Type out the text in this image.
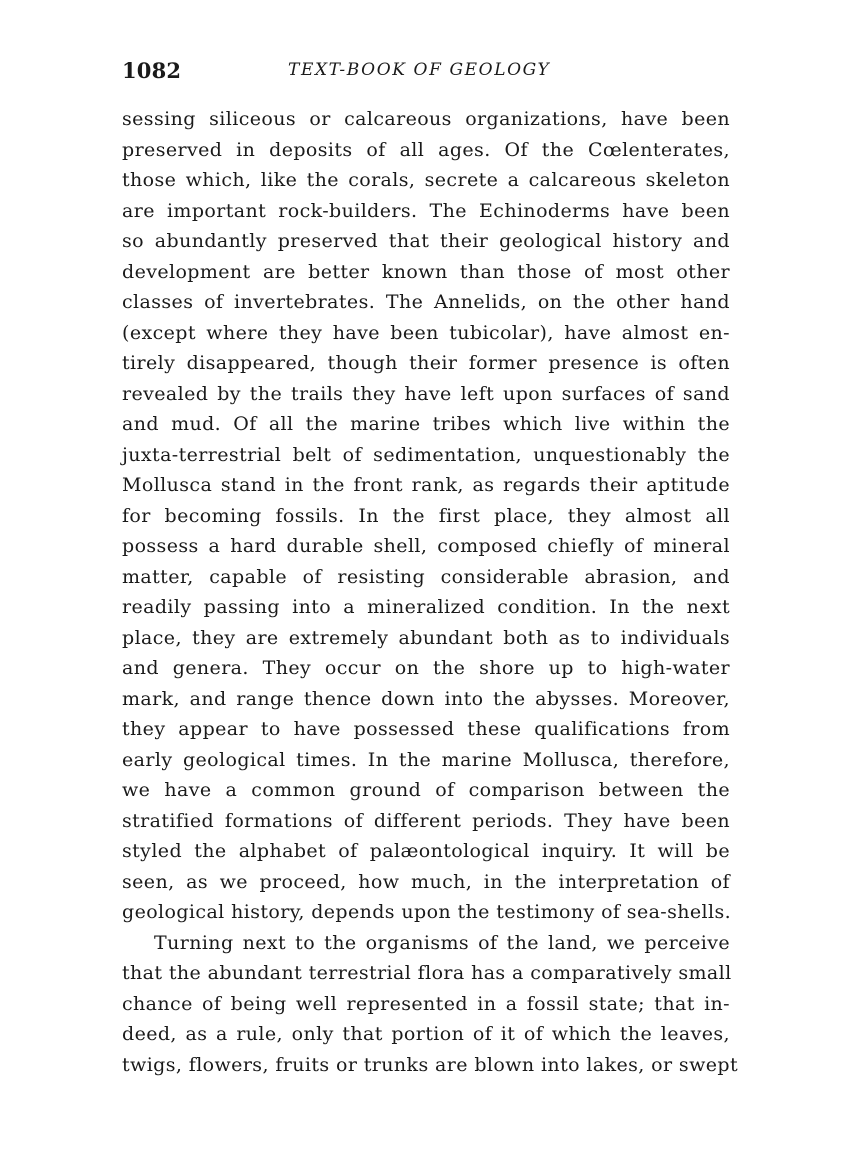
1082	TEXT-BOOK OF GEOLOGY
sessing siliceous or calcareous organizations, have been
preserved in deposits of all ages. Of the Cœlenterates,
those which, like the corals, secrete a calcareous skeleton
are important rock-builders. The Echinoderms have been
so abundantly preserved that their geological history and
development are better known than those of most other
classes of invertebrates. The Annelids, on the other hand
(except where they have been tubicolar), have almost en-
tirely disappeared, though their former presence is often
revealed by the trails they have left upon surfaces of sand
and mud. Of all the marine tribes which live within the
juxta-terrestrial belt of sedimentation, unquestionably the
Mollusca stand in the front rank, as regards their aptitude
for becoming fossils. In the first place, they almost all
possess a hard durable shell, composed chiefly of mineral
matter, capable of resisting considerable abrasion, and
readily passing into a mineralized condition. In the next
place, they are extremely abundant both as to individuals
and genera. They occur on the shore up to high-water
mark, and range thence down into the abysses. Moreover,
they appear to have possessed these qualifications from
early geological times. In the marine Mollusca, therefore,
we have a common ground of comparison between the
stratified formations of different periods. They have been
styled the alphabet of palæontological inquiry. It will be
seen, as we proceed, how much, in the interpretation of
geological history, depends upon the testimony of sea-shells.
Turning next to the organisms of the land, we perceive
that the abundant terrestrial flora has a comparatively small
chance of being well represented in a fossil state; that in-
deed, as a rule, only that portion of it of which the leaves,
twigs, flowers, fruits or trunks are blown into lakes, or swept
